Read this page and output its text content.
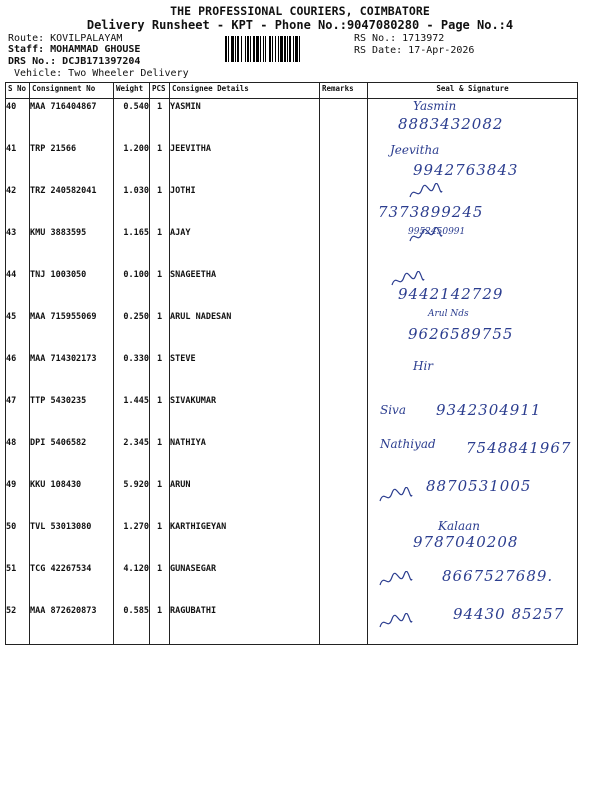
THE PROFESSIONAL COURIERS, COIMBATORE
Delivery Runsheet - KPT - Phone No.:9047080280 - Page No.:4
Route: KOVILPALAYAM
Staff: MOHAMMAD GHOUSE
DRS No.: DCJB171397204
Vehicle: Two Wheeler Delivery
RS No.: 1713972
RS Date: 17-Apr-2026
S No	Consignment No	Weight	PCS	Consignee Details	Remarks	Seal & Signature
40	MAA 716404867	0.540	1	YASMIN		Yasmin
8883432082

41	TRP 21566	1.200	1	JEEVITHA		Jeevitha
9942763843

42	TRZ 240582041	1.030	1	JOTHI		7373899245

43	KMU 3883595	1.165	1	AJAY		9952450991

44	TNJ 1003050	0.100	1	SNAGEETHA		9442142729

45	MAA 715955069	0.250	1	ARUL NADESAN		Arul Nds
9626589755

46	MAA 714302173	0.330	1	STEVE		Hir

47	TTP 5430235	1.445	1	SIVAKUMAR		Siva 9342304911

48	DPI 5406582	2.345	1	NATHIYA		Nathiyad 7548841967

49	KKU 108430	5.920	1	ARUN		8870531005

50	TVL 53013080	1.270	1	KARTHIGEYAN		Kalaan
9787040208

51	TCG 42267534	4.120	1	GUNASEGAR		8667527689.

52	MAA 872620873	0.585	1	RAGUBATHI		94430 85257
